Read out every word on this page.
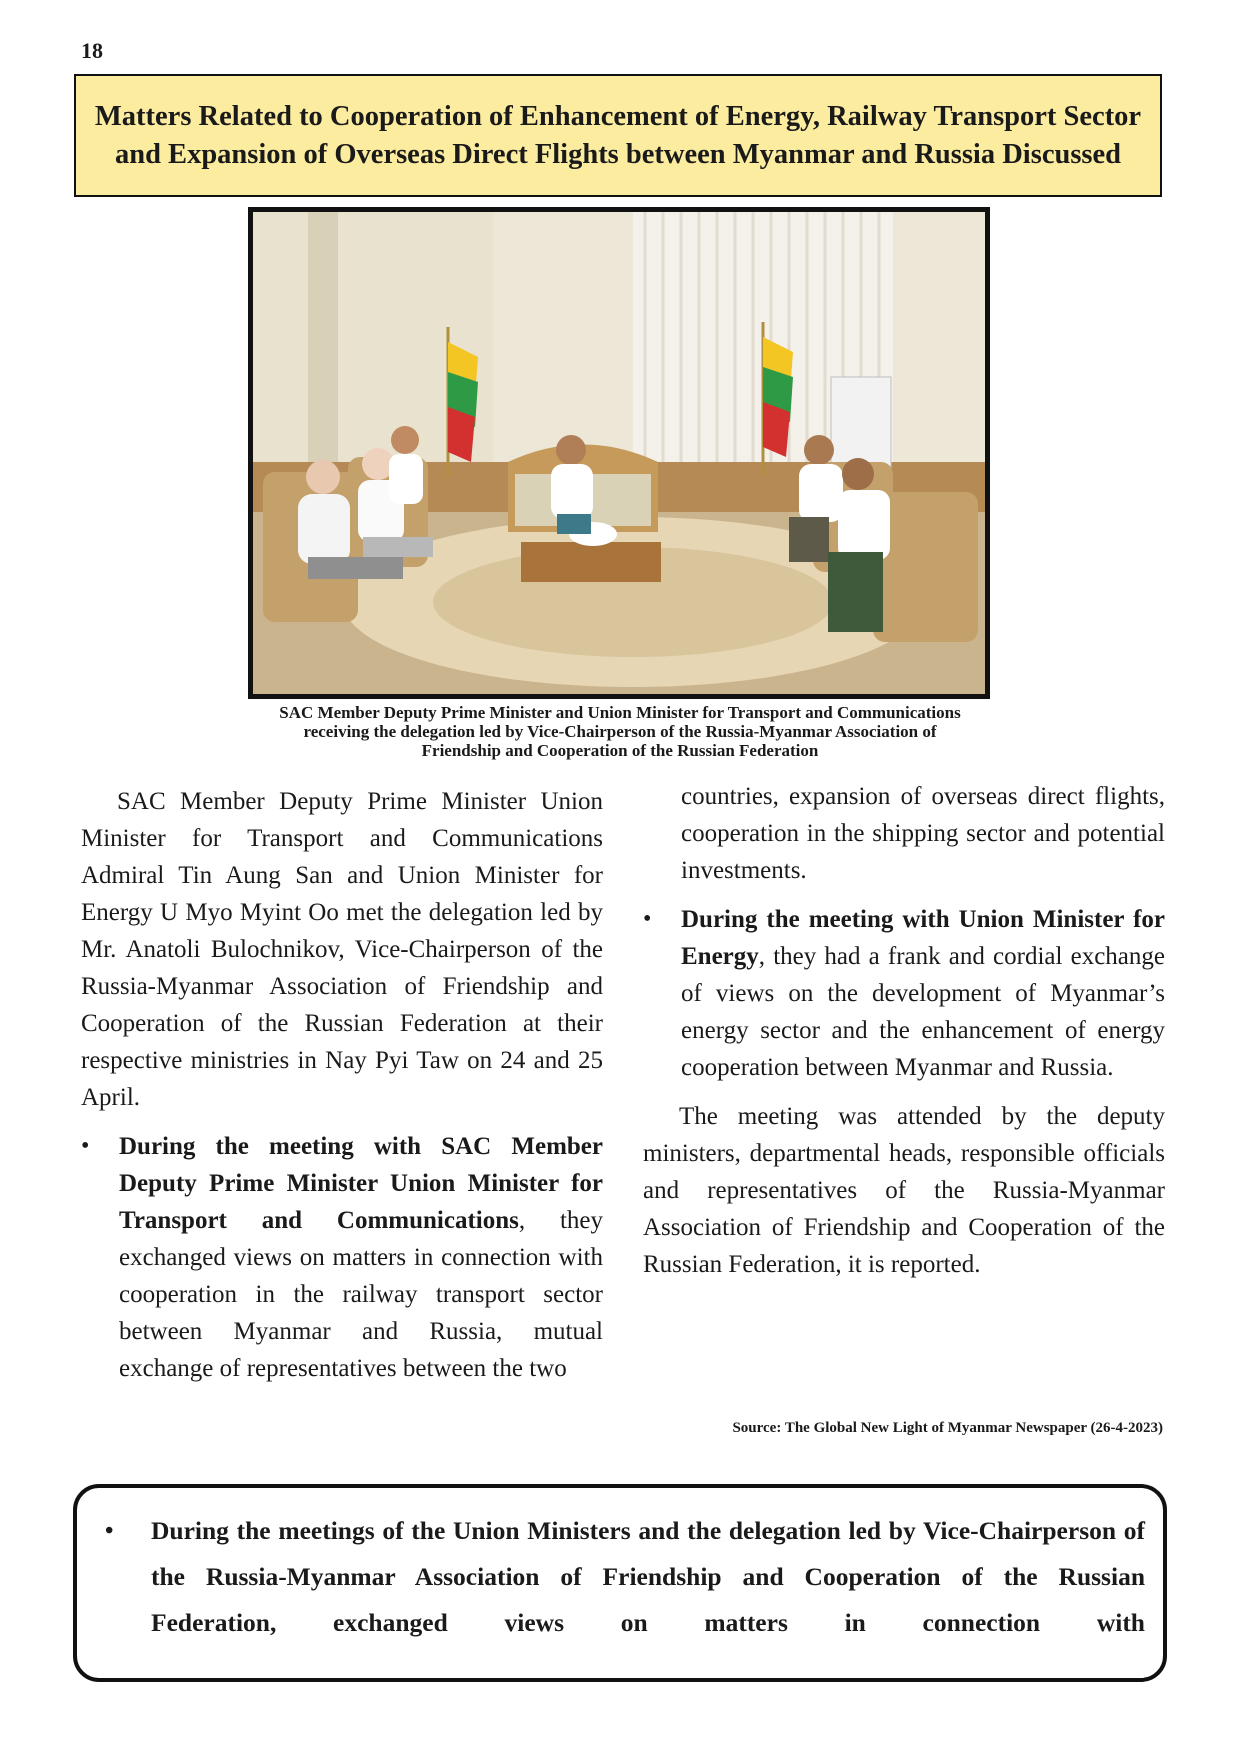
18
Matters Related to Cooperation of Enhancement of Energy, Railway Transport Sector and Expansion of Overseas Direct Flights between Myanmar and Russia Discussed
SAC Member Deputy Prime Minister and Union Minister for Transport and Communications
receiving the delegation led by Vice-Chairperson of the Russia-Myanmar Association of
Friendship and Cooperation of the Russian Federation

SAC Member Deputy Prime Minister Union Minister for Transport and Communications Admiral Tin Aung San and Union Minister for Energy U Myo Myint Oo met the delegation led by Mr. Anatoli Bulochnikov, Vice-Chairperson of the Russia-Myanmar Association of Friendship and Cooperation of the Russian Federation at their respective ministries in Nay Pyi Taw on 24 and 25 April.

• During the meeting with SAC Member Deputy Prime Minister Union Minister for Transport and Communications, they exchanged views on matters in connection with cooperation in the railway transport sector between Myanmar and Russia, mutual exchange of representatives between the two

countries, expansion of overseas direct flights, cooperation in the shipping sector and potential investments.

• During the meeting with Union Minister for Energy, they had a frank and cordial exchange of views on the development of Myanmar’s energy sector and the enhancement of energy cooperation between Myanmar and Russia.

The meeting was attended by the deputy ministers, departmental heads, responsible officials and representatives of the Russia-Myanmar Association of Friendship and Cooperation of the Russian Federation, it is reported.

Source: The Global New Light of Myanmar Newspaper (26-4-2023)
• During the meetings of the Union Ministers and the delegation led by Vice-Chairperson of the Russia-Myanmar Association of Friendship and Cooperation of the Russian Federation, exchanged views on matters in connection with
